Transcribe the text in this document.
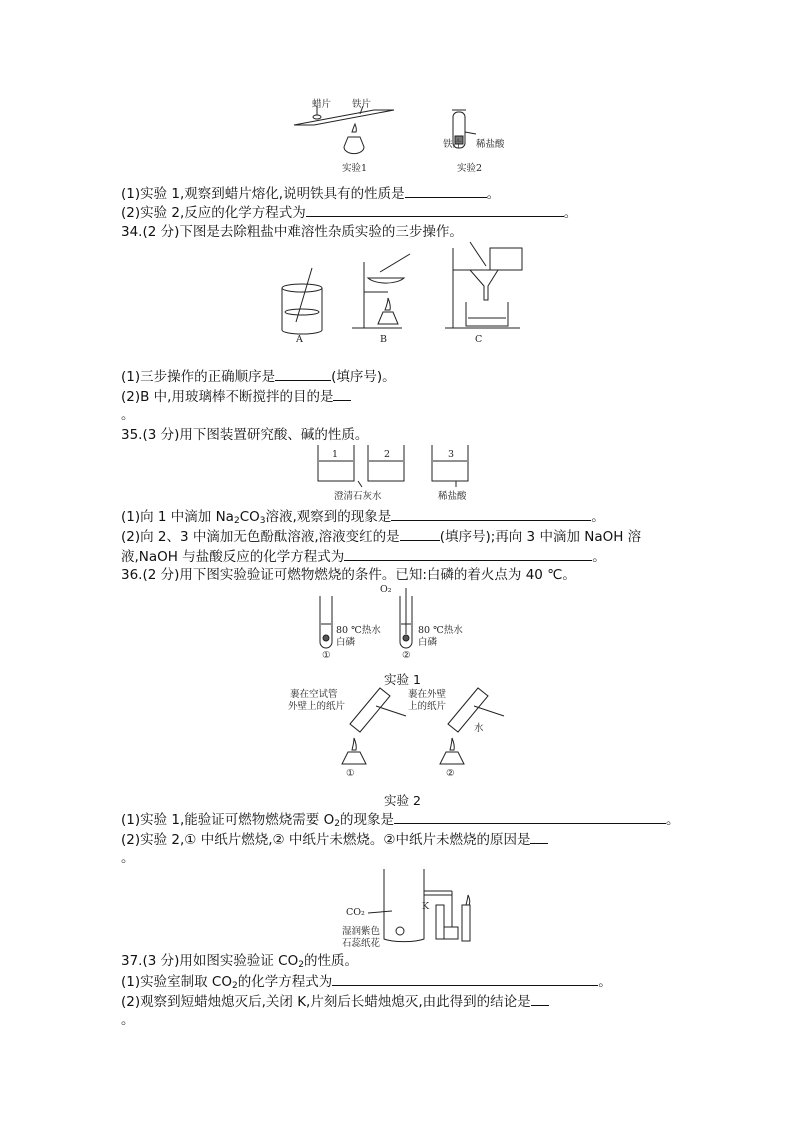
蜡片 铁片
实验1
铁片 稀盐酸
实验2
(1)实验 1,观察到蜡片熔化,说明铁具有的性质是	。
(2)实验 2,反应的化学方程式为	。
34.(2 分)下图是去除粗盐中难溶性杂质实验的三步操作。
A	B	C
(1)三步操作的正确顺序是	(填序号)。
(2)B 中,用玻璃棒不断搅拌的目的是
。
35.(3 分)用下图装置研究酸、碱的性质。
1	2	3
澄清石灰水	稀盐酸
(1)向 1 中滴加 $Na_2CO_3$溶液,观察到的现象是	。
(2)向 2、3 中滴加无色酚酞溶液,溶液变红的是	(填序号);再向 3 中滴加 NaOH 溶
液,NaOH 与盐酸反应的化学方程式为	。
36.(2 分)用下图实验验证可燃物燃烧的条件。已知:白磷的着火点为 40 ℃。
O₂
80 ℃热水
白磷
①
80 ℃热水
白磷
②
实验 1
裹在空试管
外壁上的纸片
①
裹在外壁
上的纸片
水
②
实验 2
(1)实验 1,能验证可燃物燃烧需要 $O_2$的现象是	。
(2)实验 2,① 中纸片燃烧,② 中纸片未燃烧。②中纸片未燃烧的原因是
。
CO₂
K
湿润紫色
石蕊纸花
37.(3 分)用如图实验验证 $CO_2$的性质。
(1)实验室制取 $CO_2$的化学方程式为	。
(2)观察到短蜡烛熄灭后,关闭 K,片刻后长蜡烛熄灭,由此得到的结论是
。
